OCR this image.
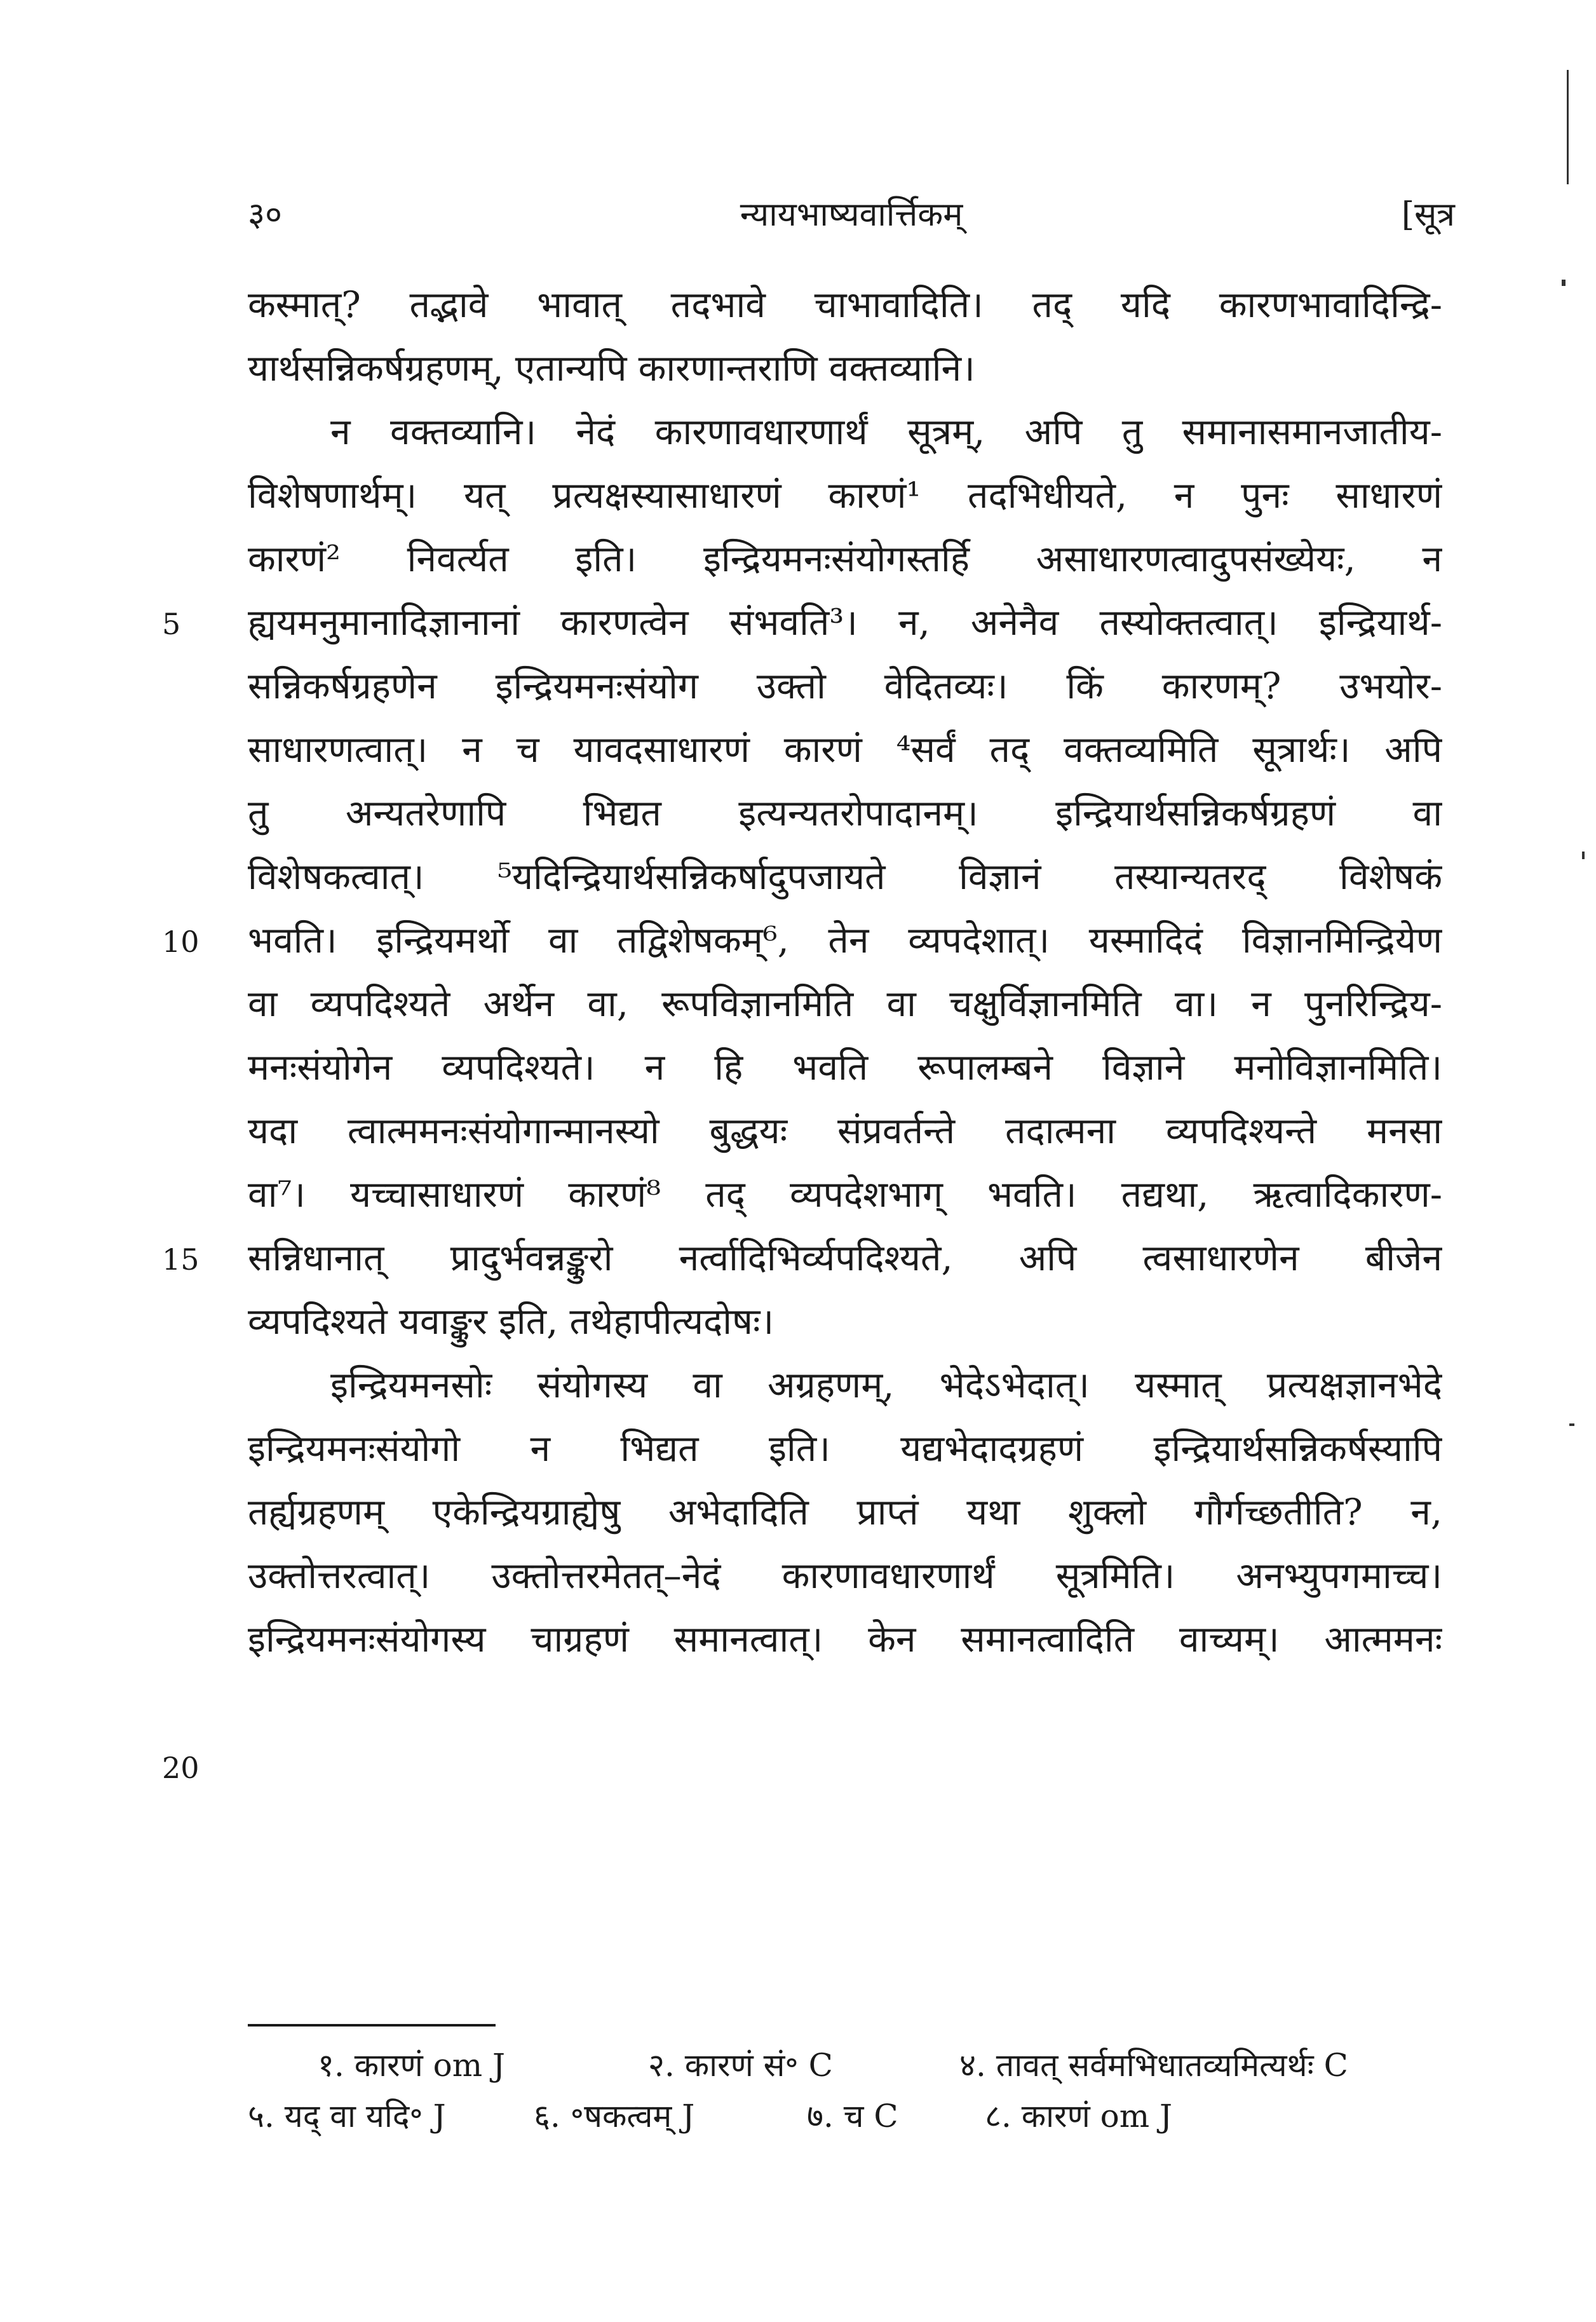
३०	न्यायभाष्यवार्त्तिकम्	[सूत्र
5
10
15
20
कस्मात्? तद्भावे भावात् तदभावे चाभावादिति। तद् यदि कारणभावादिन्द्रि-
यार्थसन्निकर्षग्रहणम्, एतान्यपि कारणान्तराणि वक्तव्यानि।
न वक्तव्यानि। नेदं कारणावधारणार्थं सूत्रम्, अपि तु समानासमानजातीय-
विशेषणार्थम्। यत् प्रत्यक्षस्यासाधारणं कारणं¹ तदभिधीयते, न पुनः साधारणं
कारणं² निवर्त्यत इति। इन्द्रियमनःसंयोगस्तर्हि असाधारणत्वादुपसंख्येयः, न
ह्ययमनुमानादिज्ञानानां कारणत्वेन संभवति³। न, अनेनैव तस्योक्तत्वात्। इन्द्रियार्थ-
सन्निकर्षग्रहणेन इन्द्रियमनःसंयोग उक्तो वेदितव्यः। किं कारणम्? उभयोर-
साधारणत्वात्। न च यावदसाधारणं कारणं ⁴सर्वं तद् वक्तव्यमिति सूत्रार्थः। अपि
तु अन्यतरेणापि भिद्यत इत्यन्यतरोपादानम्। इन्द्रियार्थसन्निकर्षग्रहणं वा
विशेषकत्वात्। ⁵यदिन्द्रियार्थसन्निकर्षादुपजायते विज्ञानं तस्यान्यतरद् विशेषकं
भवति। इन्द्रियमर्थो वा तद्विशेषकम्⁶, तेन व्यपदेशात्। यस्मादिदं विज्ञानमिन्द्रियेण
वा व्यपदिश्यते अर्थेन वा, रूपविज्ञानमिति वा चक्षुर्विज्ञानमिति वा। न पुनरिन्द्रिय-
मनःसंयोगेन व्यपदिश्यते। न हि भवति रूपालम्बने विज्ञाने मनोविज्ञानमिति।
यदा त्वात्ममनःसंयोगान्मानस्यो बुद्धयः संप्रवर्तन्ते तदात्मना व्यपदिश्यन्ते मनसा
वा⁷। यच्चासाधारणं कारणं⁸ तद् व्यपदेशभाग् भवति। तद्यथा, ऋत्वादिकारण-
सन्निधानात् प्रादुर्भवन्नङ्कुरो नर्त्वादिभिर्व्यपदिश्यते, अपि त्वसाधारणेन बीजेन
व्यपदिश्यते यवाङ्कुर इति, तथेहापीत्यदोषः।
इन्द्रियमनसोः संयोगस्य वा अग्रहणम्, भेदेऽभेदात्। यस्मात् प्रत्यक्षज्ञानभेदे
इन्द्रियमनःसंयोगो न भिद्यत इति। यद्यभेदादग्रहणं इन्द्रियार्थसन्निकर्षस्यापि
तर्ह्यग्रहणम् एकेन्द्रियग्राह्येषु अभेदादिति प्राप्तं यथा शुक्लो गौर्गच्छतीति? न,
उक्तोत्तरत्वात्। उक्तोत्तरमेतत्–नेदं कारणावधारणार्थं सूत्रमिति। अनभ्युपगमाच्च।
इन्द्रियमनःसंयोगस्य चाग्रहणं समानत्वात्। केन समानत्वादिति वाच्यम्। आत्ममनः
१. कारणं om J	२. कारणं सं॰ C	४. तावत् सर्वमभिधातव्यमित्यर्थः C
५. यद् वा यदि॰ J	६. ॰षकत्वम् J	७. च C	८. कारणं om J
